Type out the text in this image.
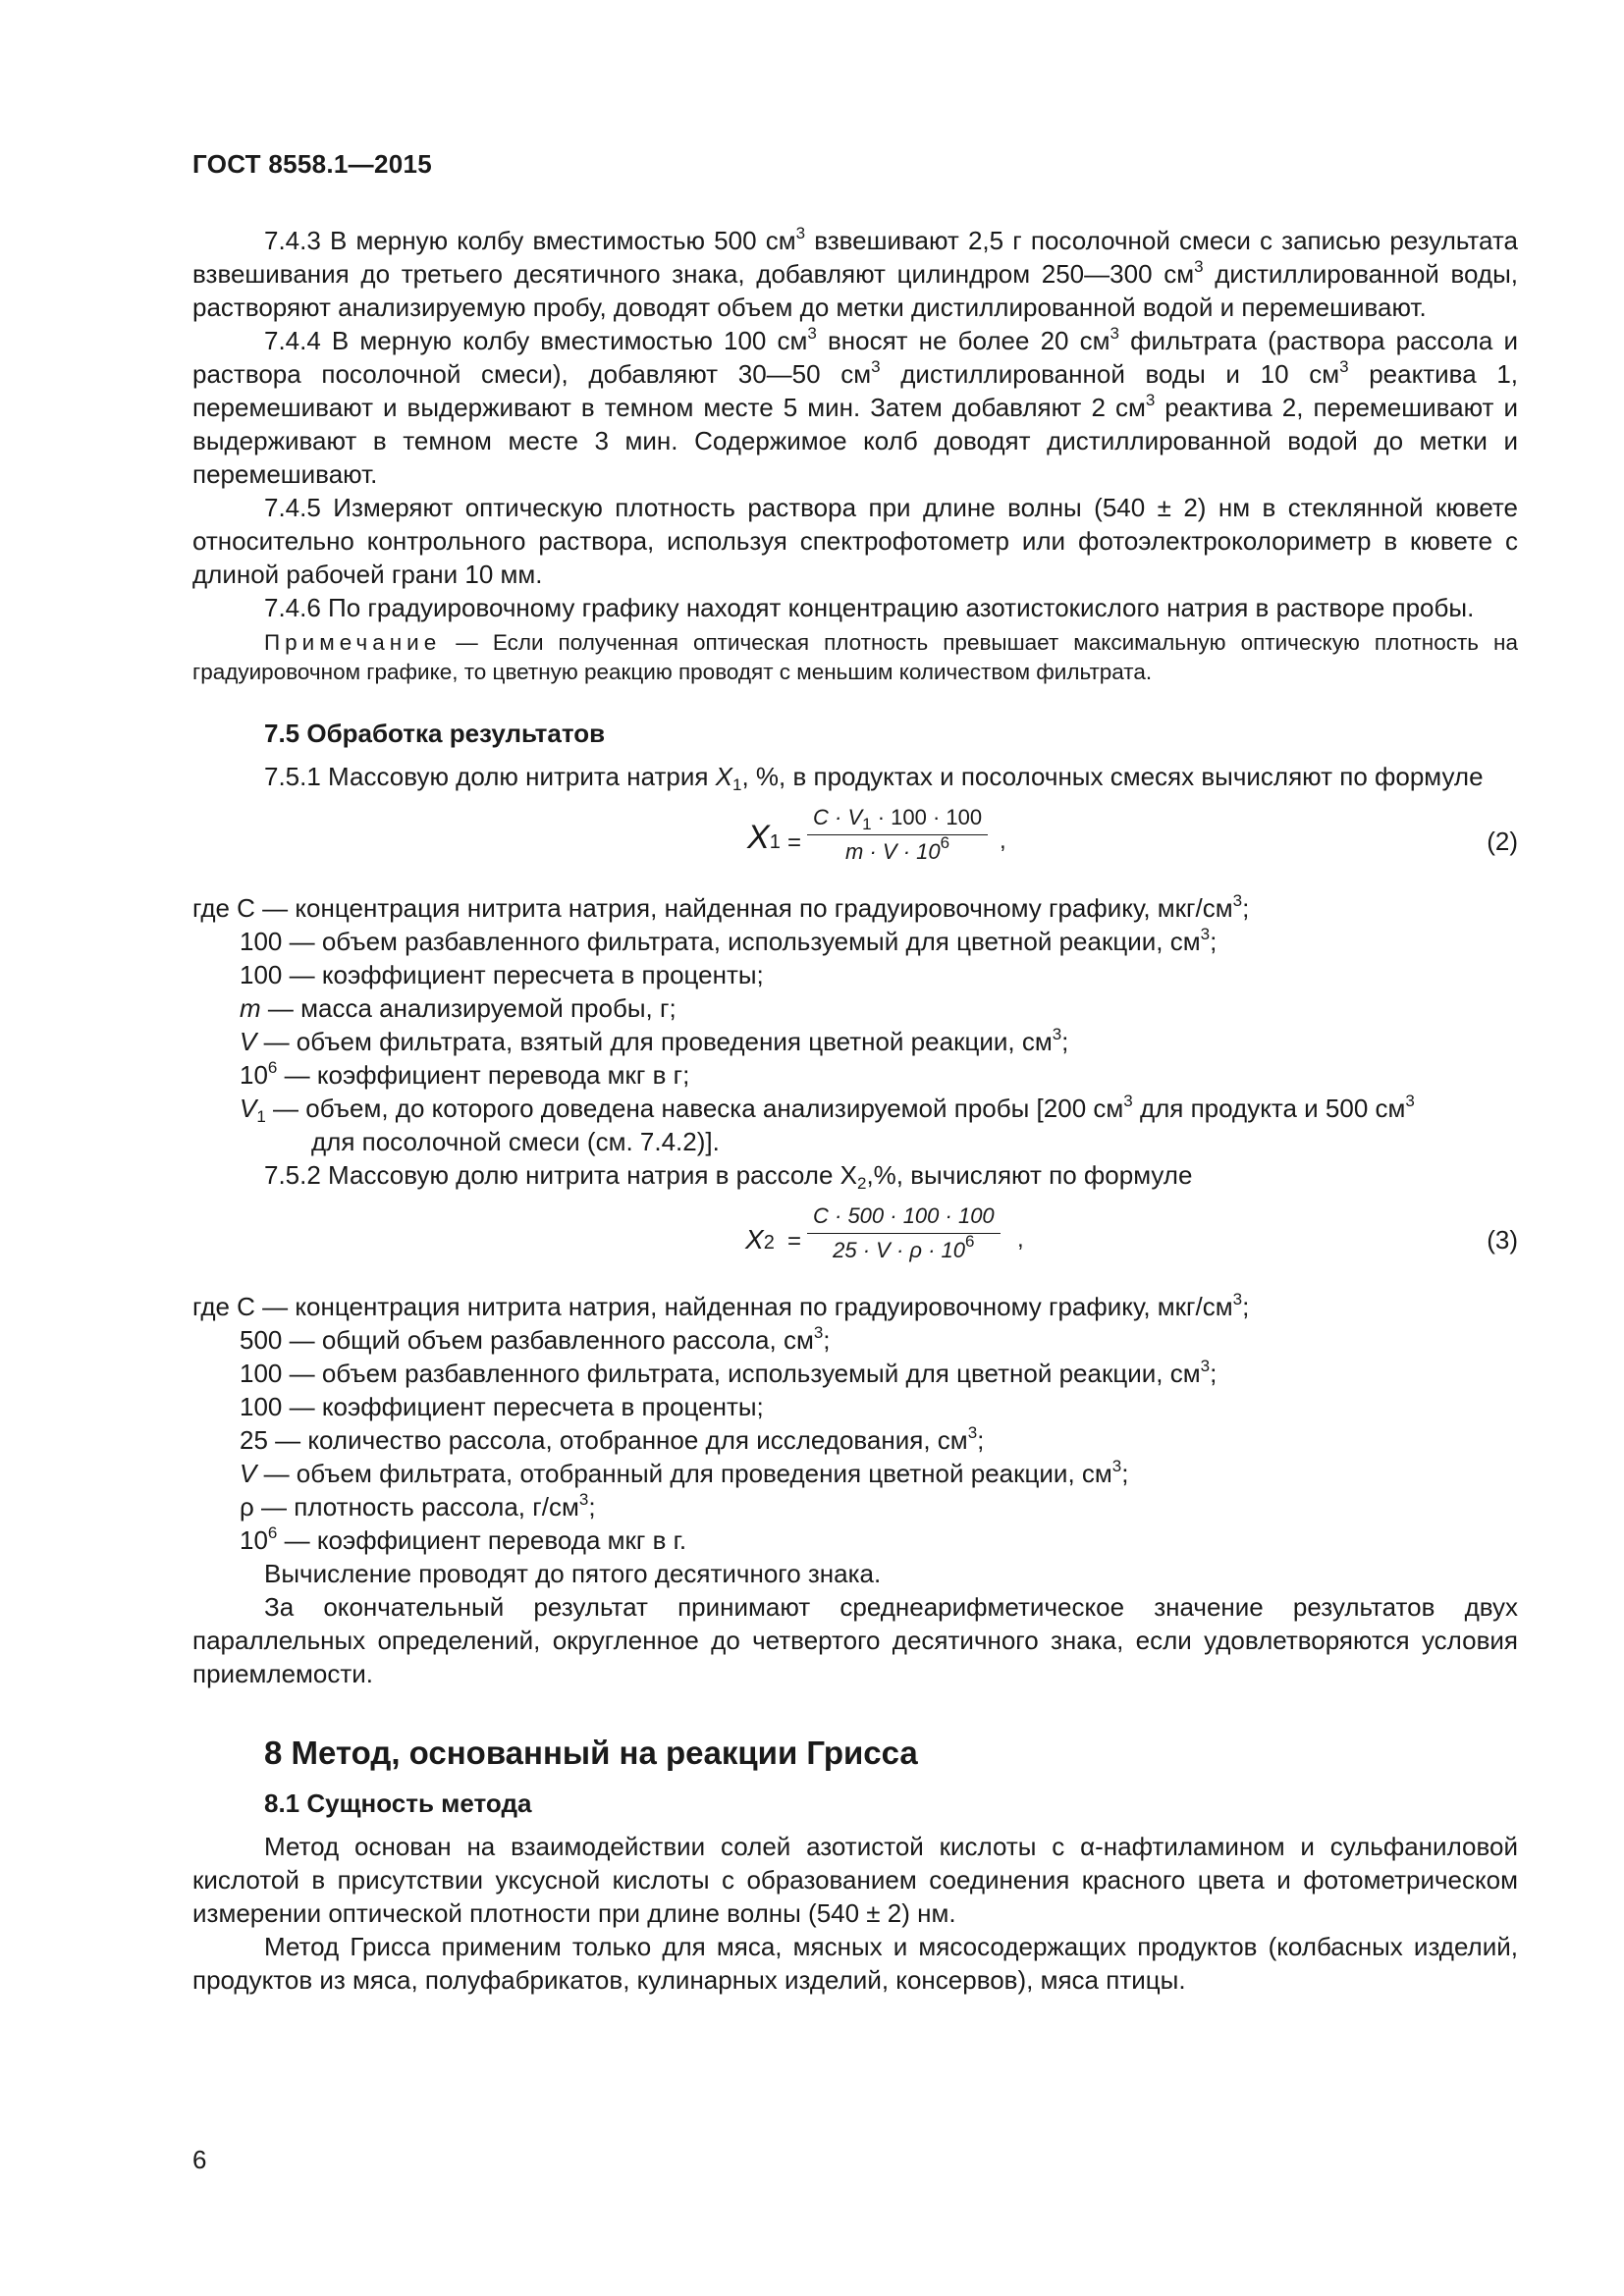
ГОСТ 8558.1—2015

7.4.3 В мерную колбу вместимостью 500 $см^3$ взвешивают 2,5 г посолочной смеси с записью результата взвешивания до третьего десятичного знака, добавляют цилиндром 250—300 $см^3$ дистиллированной воды, растворяют анализируемую пробу, доводят объем до метки дистиллированной водой и перемешивают.

7.4.4 В мерную колбу вместимостью 100 $см^3$ вносят не более 20 $см^3$ фильтрата (раствора рассола и раствора посолочной смеси), добавляют 30—50 $см^3$ дистиллированной воды и 10 $см^3$ реактива 1, перемешивают и выдерживают в темном месте 5 мин. Затем добавляют 2 $см^3$ реактива 2, перемешивают и выдерживают в темном месте 3 мин. Содержимое колб доводят дистиллированной водой до метки и перемешивают.

7.4.5 Измеряют оптическую плотность раствора при длине волны (540 ± 2) нм в стеклянной кювете относительно контрольного раствора, используя спектрофотометр или фотоэлектроколориметр в кювете с длиной рабочей грани 10 мм.

7.4.6 По градуировочному графику находят концентрацию азотистокислого натрия в растворе пробы.

Примечание — Если полученная оптическая плотность превышает максимальную оптическую плотность на градуировочном графике, то цветную реакцию проводят с меньшим количеством фильтрата.

7.5 Обработка результатов

7.5.1 Массовую долю нитрита натрия $X_1$, %, в продуктах и посолочных смесях вычисляют по формуле

$X1 = \frac{C \cdot V_1 \cdot 100 \cdot 100}{m \cdot V \cdot 10^6}$ ,	(2)

где С — концентрация нитрита натрия, найденная по градуировочному графику, мкг/$см^3$;

100 — объем разбавленного фильтрата, используемый для цветной реакции, $см^3$;

100 — коэффициент пересчета в проценты;

m — масса анализируемой пробы, г;

V — объем фильтрата, взятый для проведения цветной реакции, $см^3$;

$10^6$ — коэффициент перевода мкг в г;

$V_1$ — объем, до которого доведена навеска анализируемой пробы [200 $см^3$ для продукта и 500 $см^3$

для посолочной смеси (см. 7.4.2)].

7.5.2 Массовую долю нитрита натрия в рассоле $X_2,\%$, вычисляют по формуле

$X2 = \frac{C \cdot 500 \cdot 100 \cdot 100}{25 \cdot V \cdot \rho \cdot 10^6}$ ,	(3)

где С — концентрация нитрита натрия, найденная по градуировочному графику, мкг/$см^3$;

500 — общий объем разбавленного рассола, $см^3$;

100 — объем разбавленного фильтрата, используемый для цветной реакции, $см^3$;

100 — коэффициент пересчета в проценты;

25 — количество рассола, отобранное для исследования, $см^3$;

V — объем фильтрата, отобранный для проведения цветной реакции, $см^3$;

ρ — плотность рассола, $г/см^3$;

$10^6$ — коэффициент перевода мкг в г.

Вычисление проводят до пятого десятичного знака.

За окончательный результат принимают среднеарифметическое значение результатов двух параллельных определений, округленное до четвертого десятичного знака, если удовлетворяются условия приемлемости.

8 Метод, основанный на реакции Грисса
8.1 Сущность метода

Метод основан на взаимодействии солей азотистой кислоты с α-нафтиламином и сульфаниловой кислотой в присутствии уксусной кислоты с образованием соединения красного цвета и фотометрическом измерении оптической плотности при длине волны (540 ± 2) нм.

Метод Грисса применим только для мяса, мясных и мясосодержащих продуктов (колбасных изделий, продуктов из мяса, полуфабрикатов, кулинарных изделий, консервов), мяса птицы.

6
